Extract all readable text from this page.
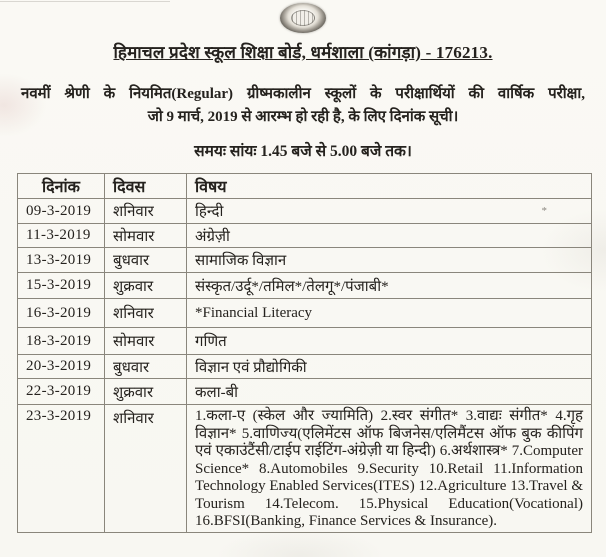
हिमाचल प्रदेश स्कूल शिक्षा बोर्ड, धर्मशाला (कांगड़ा) - 176213.

नवमीं श्रेणी के नियमित(Regular) ग्रीष्मकालीन स्कूलों के परीक्षार्थियों की वार्षिक परीक्षा,

जो 9 मार्च, 2019 से आरम्भ हो रही है, के लिए दिनांक सूची।

समयः सांयः 1.45 बजे से 5.00 बजे तक।

दिनांक	दिवस	विषय
09-3-2019	शनिवार	हिन्दी *

11-3-2019	सोमवार	अंग्रेज़ी
13-3-2019	बुधवार	सामाजिक विज्ञान
15-3-2019	शुक्रवार	संस्कृत/उर्दू*/तमिल*/तेलगू*/पंजाबी*
16-3-2019	शनिवार	*Financial Literacy
18-3-2019	सोमवार	गणित
20-3-2019	बुधवार	विज्ञान एवं प्रौद्योगिकी
22-3-2019	शुक्रवार	कला-बी
23-3-2019	शनिवार	1.कला-ए (स्केल और ज्यामिति) 2.स्वर संगीत* 3.वाद्यः संगीत* 4.गृह विज्ञान* 5.वाणिज्य(एलिमेंटस ऑफ बिजनेस/एलिमैंटस ऑफ बुक कीपिंग एवं एकाउंटैंसी/टाईप राईटिंग-अंग्रेज़ी या हिन्दी) 6.अर्थशास्त्र* 7.Computer Science* 8.Automobiles 9.Security 10.Retail 11.Information Technology Enabled Services(ITES) 12.Agriculture 13.Travel & Tourism 14.Telecom. 15.Physical Education(Vocational) 16.BFSI(Banking, Finance Services & Insurance).
